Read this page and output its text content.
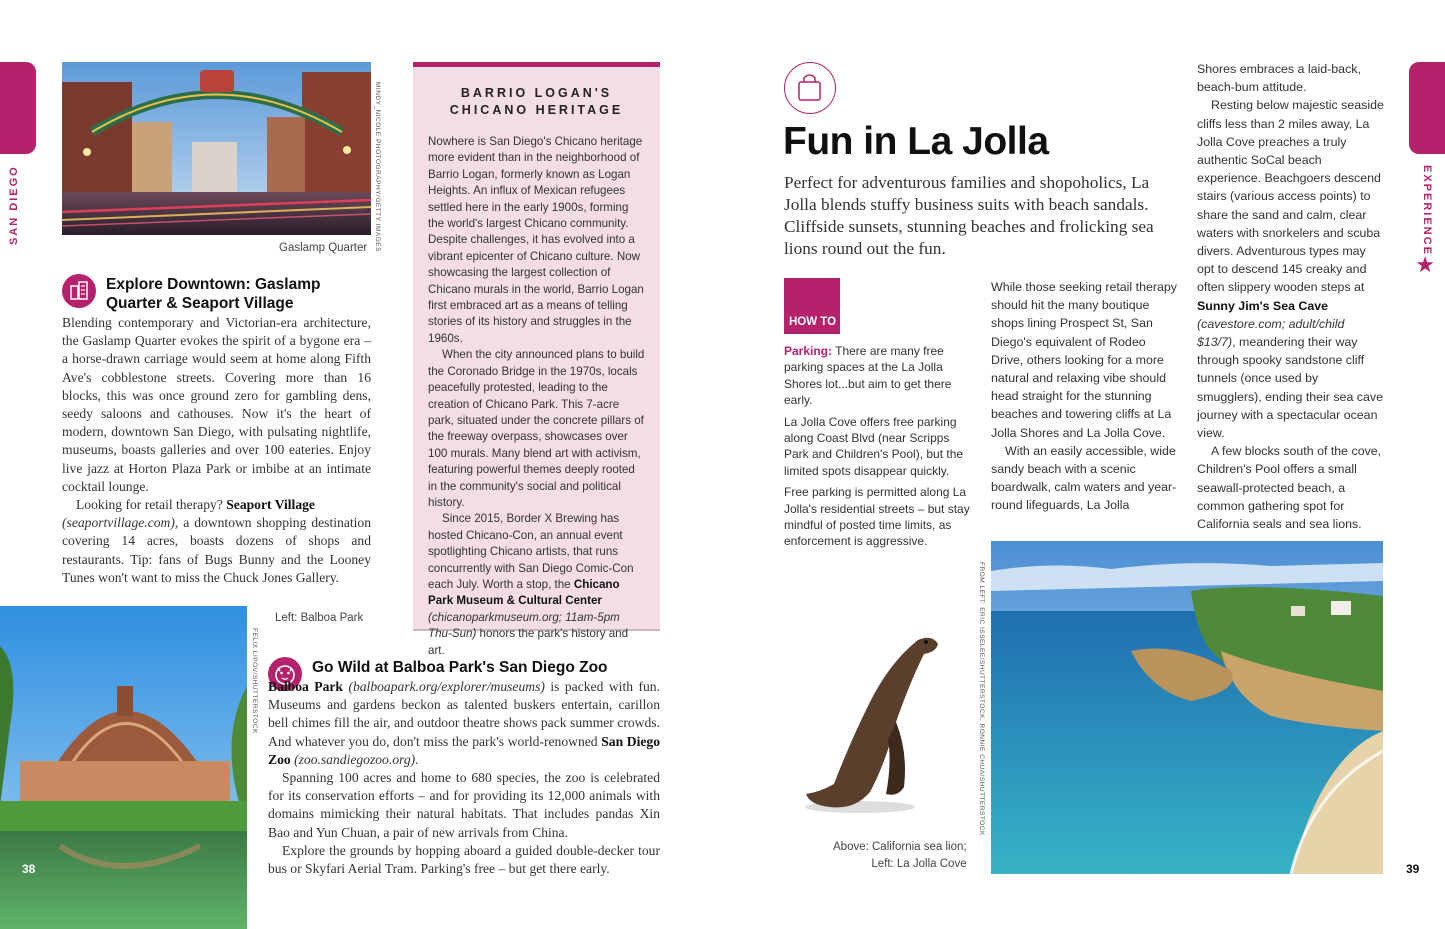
SAN DIEGO	EXPERIENCE
★
MINDY_NICOLE PHOTOGRAPHY/GETTY IMAGES
Gaslamp Quarter
Explore Downtown: Gaslamp
Quarter & Seaport Village

Blending contemporary and Victorian-era architecture, the Gaslamp Quarter evokes the spirit of a bygone era – a horse-drawn carriage would seem at home along Fifth Ave's cobblestone streets. Covering more than 16 blocks, this was once ground zero for gambling dens, seedy saloons and cathouses. Now it's the heart of modern, downtown San Diego, with pulsating nightlife, museums, boasts galleries and over 100 eateries. Enjoy live jazz at Horton Plaza Park or imbibe at an intimate cocktail lounge.

Looking for retail therapy? Seaport Village
(seaportvillage.com), a downtown shopping destination covering 14 acres, boasts dozens of shops and restaurants. Tip: fans of Bugs Bunny and the Looney Tunes won't want to miss the Chuck Jones Gallery.

BARRIO LOGAN'S
CHICANO HERITAGE

Nowhere is San Diego's Chicano heritage more evident than in the neighborhood of Barrio Logan, formerly known as Logan Heights. An influx of Mexican refugees settled here in the early 1900s, forming the world's largest Chicano community. Despite challenges, it has evolved into a vibrant epicenter of Chicano culture. Now showcasing the largest collection of Chicano murals in the world, Barrio Logan first embraced art as a means of telling stories of its history and struggles in the 1960s.

When the city announced plans to build the Coronado Bridge in the 1970s, locals peacefully protested, leading to the creation of Chicano Park. This 7-acre park, situated under the concrete pillars of the freeway overpass, showcases over 100 murals. Many blend art with activism, featuring powerful themes deeply rooted in the community's social and political history.

Since 2015, Border X Brewing has hosted Chicano-Con, an annual event spotlighting Chicano artists, that runs concurrently with San Diego Comic-Con each July. Worth a stop, the Chicano Park Museum & Cultural Center (chicanoparkmuseum.org; 11am-5pm Thu-Sun) honors the park's history and art.

Left: Balboa Park
FELIX LIPOV/SHUTTERSTOCK
38
Go Wild at Balboa Park's San Diego Zoo

Balboa Park (balboapark.org/explorer/museums) is packed with fun. Museums and gardens beckon as talented buskers entertain, carillon bell chimes fill the air, and outdoor theatre shows pack summer crowds. And whatever you do, don't miss the park's world-renowned San Diego Zoo (zoo.sandiegozoo.org).

Spanning 100 acres and home to 680 species, the zoo is celebrated for its conservation efforts – and for providing its 12,000 animals with domains mimicking their natural habitats. That includes pandas Xin Bao and Yun Chuan, a pair of new arrivals from China.

Explore the grounds by hopping aboard a guided double-decker tour bus or Skyfari Aerial Tram. Parking's free – but get there early.

Fun in La Jolla
Perfect for adventurous families and shopoholics, La Jolla blends stuffy business suits with beach sandals. Cliffside sunsets, stunning beaches and frolicking sea lions round out the fun.
HOW TO

Parking: There are many free parking spaces at the La Jolla Shores lot...but aim to get there early.

La Jolla Cove offers free parking along Coast Blvd (near Scripps Park and Children's Pool), but the limited spots disappear quickly.

Free parking is permitted along La Jolla's residential streets – but stay mindful of posted time limits, as enforcement is aggressive.

While those seeking retail therapy should hit the many boutique shops lining Prospect St, San Diego's equivalent of Rodeo Drive, others looking for a more natural and relaxing vibe should head straight for the stunning beaches and towering cliffs at La Jolla Shores and La Jolla Cove.

With an easily accessible, wide sandy beach with a scenic boardwalk, calm waters and year-round lifeguards, La Jolla

Shores embraces a laid-back, beach-bum attitude.

Resting below majestic seaside cliffs less than 2 miles away, La Jolla Cove preaches a truly authentic SoCal beach experience. Beachgoers descend stairs (various access points) to share the sand and calm, clear waters with snorkelers and scuba divers. Adventurous types may opt to descend 145 creaky and often slippery wooden steps at Sunny Jim's Sea Cave (cavestore.com; adult/child $13/7), meandering their way through spooky sandstone cliff tunnels (once used by smugglers), ending their sea cave journey with a spectacular ocean view.

A few blocks south of the cove, Children's Pool offers a small seawall-protected beach, a common gathering spot for California seals and sea lions.

Above: California sea lion;
Left: La Jolla Cove
FROM LEFT: ERIC ISSELEE/SHUTTERSTOCK, RONNIE CHUA/SHUTTERSTOCK
39
